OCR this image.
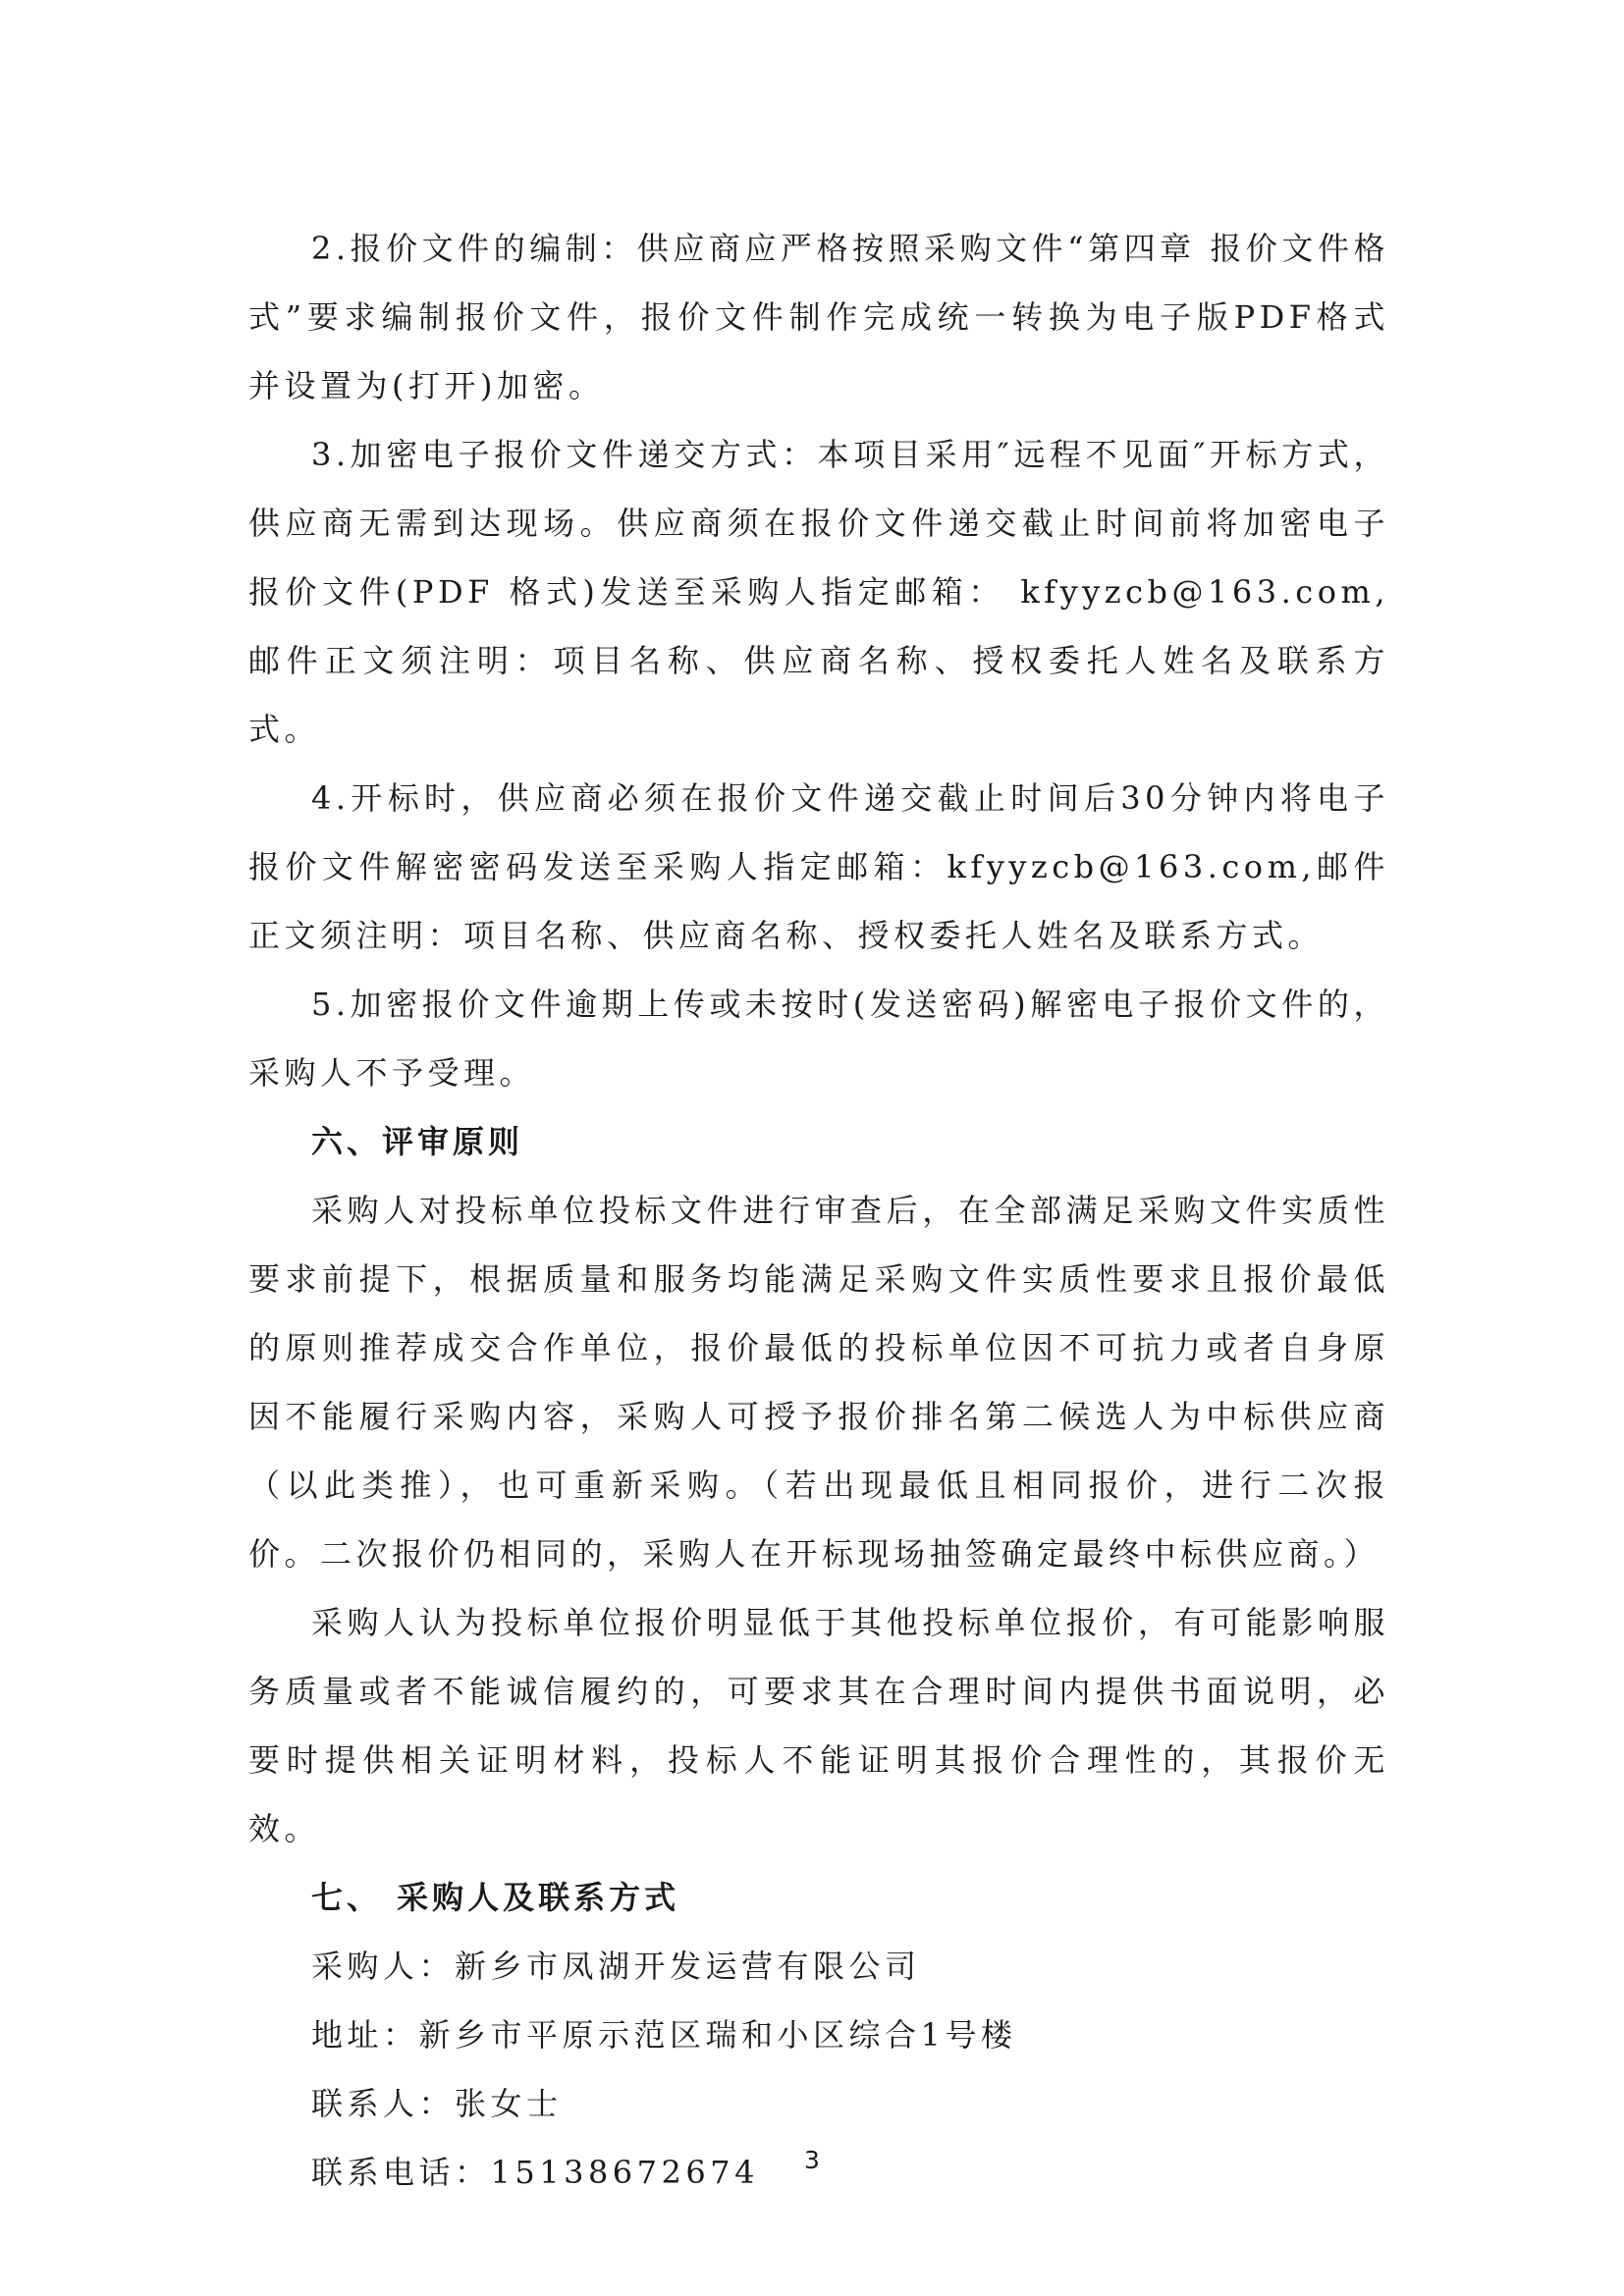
2.报价文件的编制：供应商应严格按照采购文件“第四章 报价文件格式”要求编制报价文件，报价文件制作完成统一转换为电子版PDF格式并设置为(打开)加密。

3.加密电子报价文件递交方式：本项目采用″远程不见面″开标方式，供应商无需到达现场。供应商须在报价文件递交截止时间前将加密电子报价文件(PDF 格式)发送至采购人指定邮箱： kfyyzcb@163.com, 邮件正文须注明：项目名称、供应商名称、授权委托人姓名及联系方式。

4.开标时，供应商必须在报价文件递交截止时间后30分钟内将电子报价文件解密密码发送至采购人指定邮箱：kfyyzcb@163.com,邮件正文须注明：项目名称、供应商名称、授权委托人姓名及联系方式。

5.加密报价文件逾期上传或未按时(发送密码)解密电子报价文件的，采购人不予受理。

六、评审原则

采购人对投标单位投标文件进行审查后，在全部满足采购文件实质性要求前提下，根据质量和服务均能满足采购文件实质性要求且报价最低的原则推荐成交合作单位，报价最低的投标单位因不可抗力或者自身原因不能履行采购内容，采购人可授予报价排名第二候选人为中标供应商（以此类推），也可重新采购。（若出现最低且相同报价，进行二次报价。二次报价仍相同的，采购人在开标现场抽签确定最终中标供应商。）

采购人认为投标单位报价明显低于其他投标单位报价，有可能影响服务质量或者不能诚信履约的，可要求其在合理时间内提供书面说明，必要时提供相关证明材料，投标人不能证明其报价合理性的，其报价无效。

七、 采购人及联系方式

采购人：新乡市凤湖开发运营有限公司

地址：新乡市平原示范区瑞和小区综合1号楼

联系人：张女士

联系电话：15138672674	3
